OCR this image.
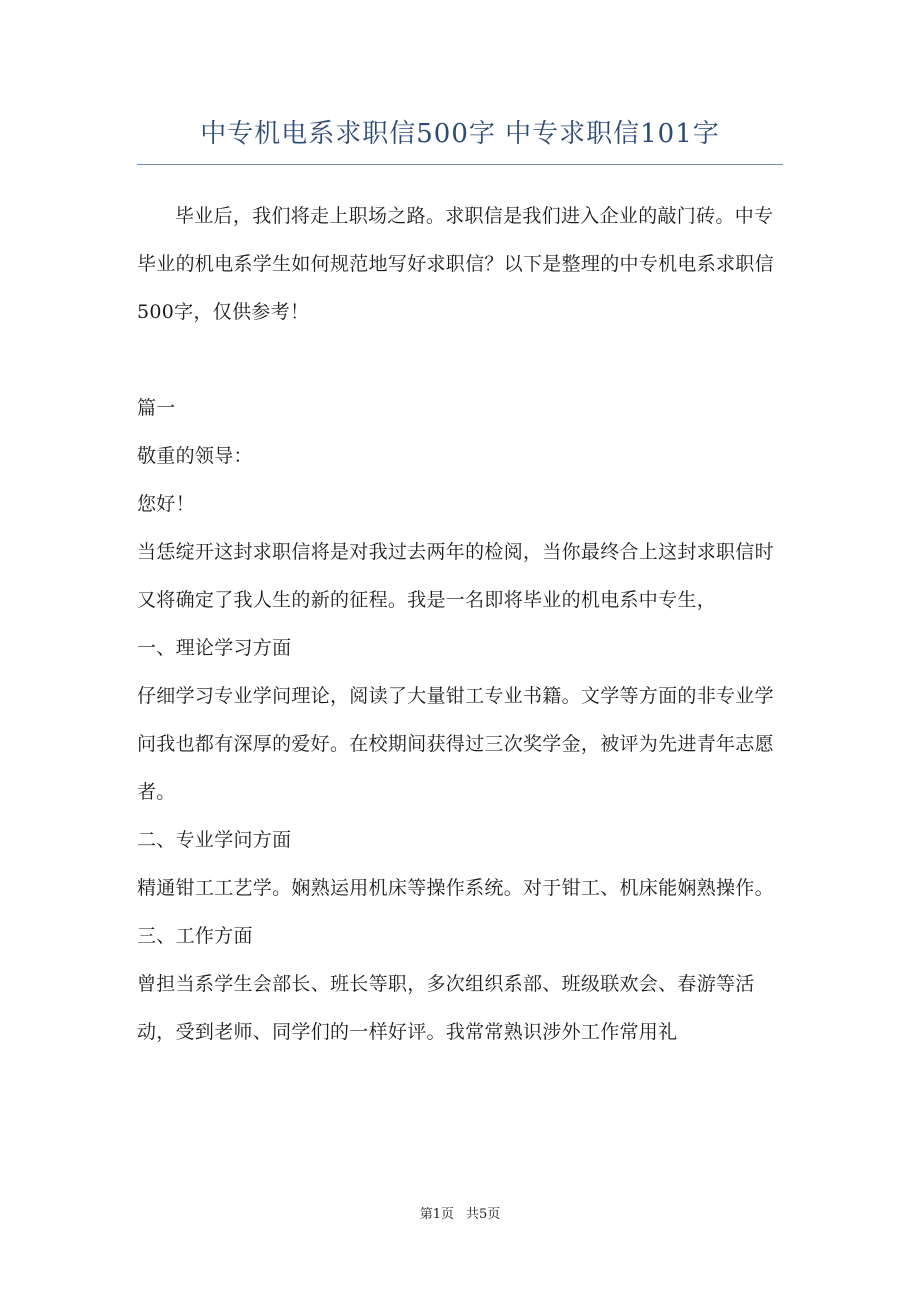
中专机电系求职信500字 中专求职信101字

毕业后，我们将走上职场之路。求职信是我们进入企业的敲门砖。中专毕业的机电系学生如何规范地写好求职信？以下是整理的中专机电系求职信500字，仅供参考！

篇一

敬重的领导：

您好！

当恁绽开这封求职信将是对我过去两年的检阅，当你最终合上这封求职信时又将确定了我人生的新的征程。我是一名即将毕业的机电系中专生，

一、理论学习方面

仔细学习专业学问理论，阅读了大量钳工专业书籍。文学等方面的非专业学问我也都有深厚的爱好。在校期间获得过三次奖学金，被评为先进青年志愿者。

二、专业学问方面

精通钳工工艺学。娴熟运用机床等操作系统。对于钳工、机床能娴熟操作。

三、工作方面

曾担当系学生会部长、班长等职，多次组织系部、班级联欢会、春游等活动，受到老师、同学们的一样好评。我常常熟识涉外工作常用礼

第1页 共5页
